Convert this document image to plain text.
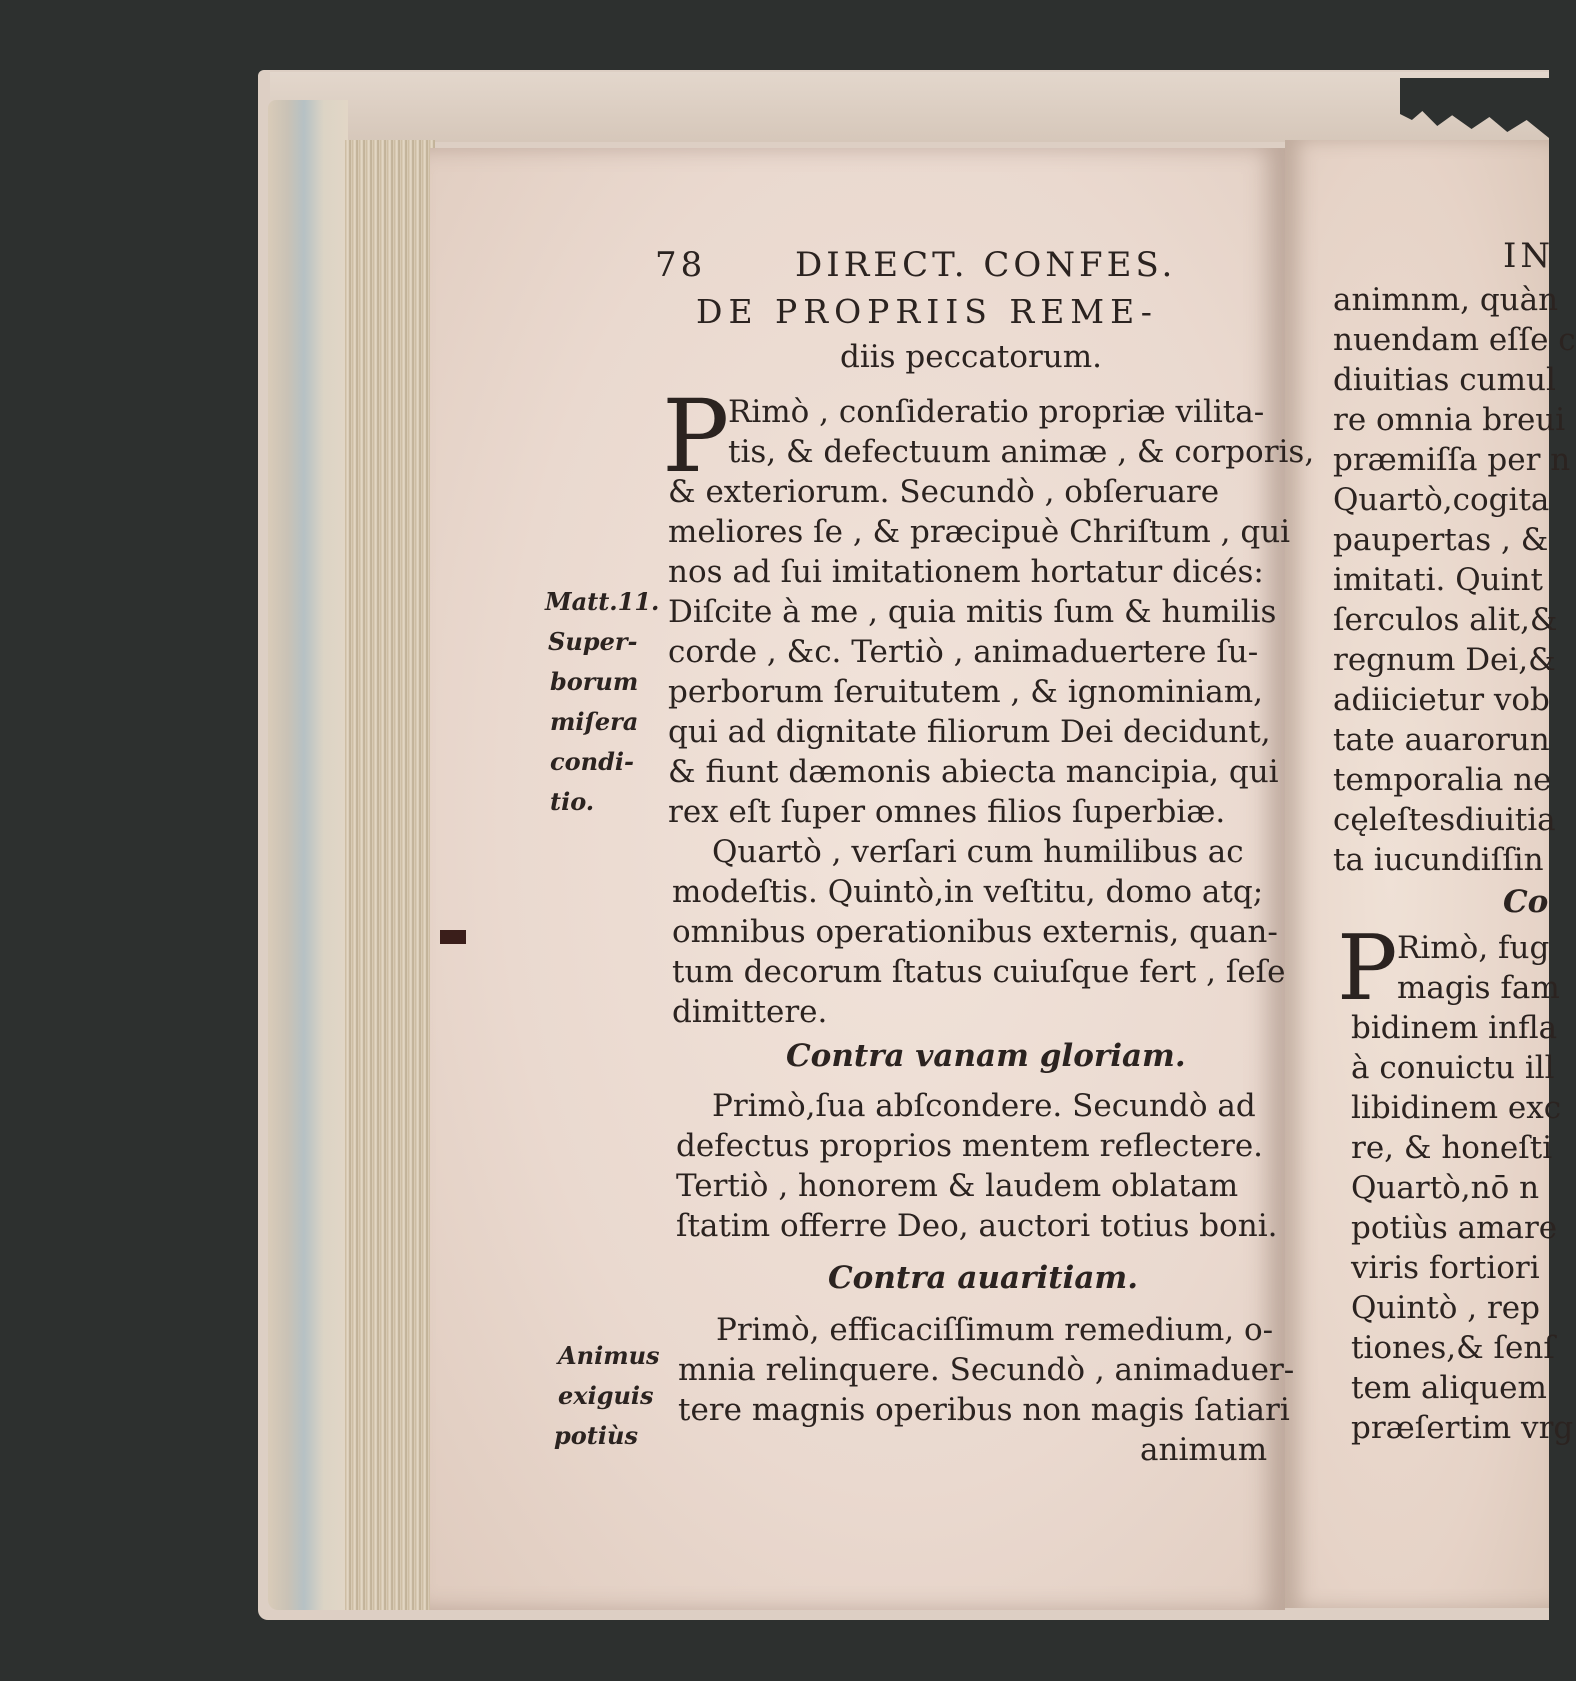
78	DIRECT. CONFES.
DE PROPRIIS REME-
diis peccatorum.
P
Rimò , conſideratio propriæ vilita-
tis, & defectuum animæ , & corporis,
& exteriorum. Secundò , obſeruare
meliores ſe , & præcipuè Chriſtum , qui
nos ad ſui imitationem hortatur dicés:
Diſcite à me , quia mitis ſum & humilis
corde , &c. Tertiò , animaduertere ſu-
perborum ſeruitutem , & ignominiam,
qui ad dignitate filiorum Dei decidunt,
& fiunt dæmonis abiecta mancipia, qui
rex eſt ſuper omnes filios ſuperbiæ.
Quartò , verſari cum humilibus ac
modeſtis. Quintò,in veſtitu, domo atq;
omnibus operationibus externis, quan-
tum decorum ſtatus cuiuſque fert , ſeſe
dimittere.
Contra vanam gloriam.
Primò,ſua abſcondere. Secundò ad
defectus proprios mentem reflectere.
Tertiò , honorem & laudem oblatam
ſtatim offerre Deo, auctori totius boni.
Contra auaritiam.
Primò, efficaciſſimum remedium, o-
mnia relinquere. Secundò , animaduer-
tere magnis operibus non magis ſatiari
animum
Matt.11.
Super-
borum
miſera
condi-
tio.
Animus
exiguis
potiùs
IN
animnm, quàn
nuendam eſſe c
diuitias cumul
re omnia breui
præmiſſa per n
Quartò,cogita
paupertas , &
imitati. Quint
ſerculos alit,&
regnum Dei,&
adiicietur vob
tate auarorun
temporalia ne
cęleſtesdiuitia
ta iucundiſſin
Co
P Rimò, fug
magis fam
bidinem infla
à conuictu ill
libidinem exc
re, & honeſti
Quartò,nō n
potiùs amare
viris fortiori
Quintò , rep
tiones,& ſenſ
tem aliquem
præſertim vrg
